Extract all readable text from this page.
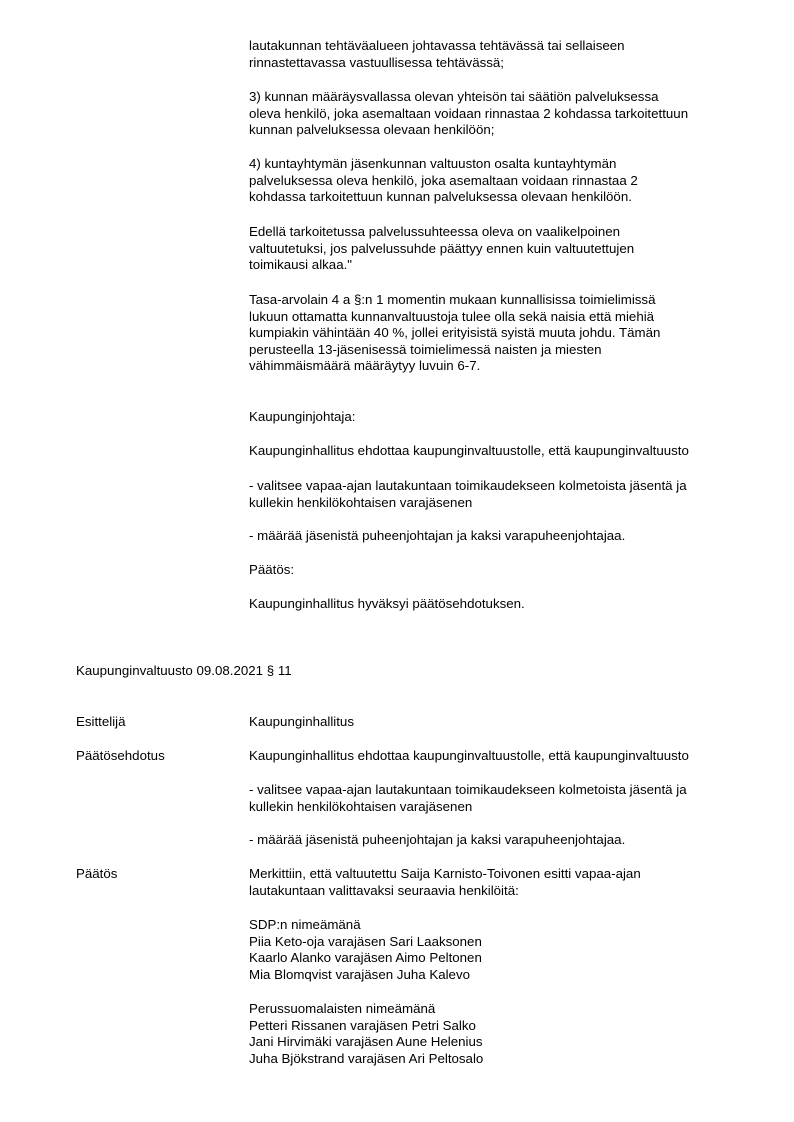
lautakunnan tehtäväalueen johtavassa tehtävässä tai sellaiseen
rinnastettavassa vastuullisessa tehtävässä;

3) kunnan määräysvallassa olevan yhteisön tai säätiön palveluksessa
oleva henkilö, joka asemaltaan voidaan rinnastaa 2 kohdassa tarkoitettuun
kunnan palveluksessa olevaan henkilöön;

4) kuntayhtymän jäsenkunnan valtuuston osalta kuntayhtymän
palveluksessa oleva henkilö, joka asemaltaan voidaan rinnastaa 2
kohdassa tarkoitettuun kunnan palveluksessa olevaan henkilöön.

Edellä tarkoitetussa palvelussuhteessa oleva on vaalikelpoinen
valtuutetuksi, jos palvelussuhde päättyy ennen kuin valtuutettujen
toimikausi alkaa."

Tasa-arvolain 4 a §:n 1 momentin mukaan kunnallisissa toimielimissä
lukuun ottamatta kunnanvaltuustoja tulee olla sekä naisia että miehiä
kumpiakin vähintään 40 %, jollei erityisistä syistä muuta johdu. Tämän
perusteella 13-jäsenisessä toimielimessä naisten ja miesten
vähimmäismäärä määräytyy luvuin 6-7.

Kaupunginjohtaja:

Kaupunginhallitus ehdottaa kaupunginvaltuustolle, että kaupunginvaltuusto

- valitsee vapaa-ajan lautakuntaan toimikaudekseen kolmetoista jäsentä ja
kullekin henkilökohtaisen varajäsenen

- määrää jäsenistä puheenjohtajan ja kaksi varapuheenjohtajaa.

Päätös:

Kaupunginhallitus hyväksyi päätösehdotuksen.

Kaupunginvaltuusto 09.08.2021 § 11

Esittelijä	Kaupunginhallitus

Päätösehdotus	Kaupunginhallitus ehdottaa kaupunginvaltuustolle, että kaupunginvaltuusto

- valitsee vapaa-ajan lautakuntaan toimikaudekseen kolmetoista jäsentä ja
kullekin henkilökohtaisen varajäsenen

- määrää jäsenistä puheenjohtajan ja kaksi varapuheenjohtajaa.

Päätös	Merkittiin, että valtuutettu Saija Karnisto-Toivonen esitti vapaa-ajan
lautakuntaan valittavaksi seuraavia henkilöitä:

SDP:n nimeämänä
Piia Keto-oja varajäsen Sari Laaksonen
Kaarlo Alanko varajäsen Aimo Peltonen
Mia Blomqvist varajäsen Juha Kalevo
Perussuomalaisten nimeämänä
Petteri Rissanen varajäsen Petri Salko
Jani Hirvimäki varajäsen Aune Helenius
Juha Bjökstrand varajäsen Ari Peltosalo
